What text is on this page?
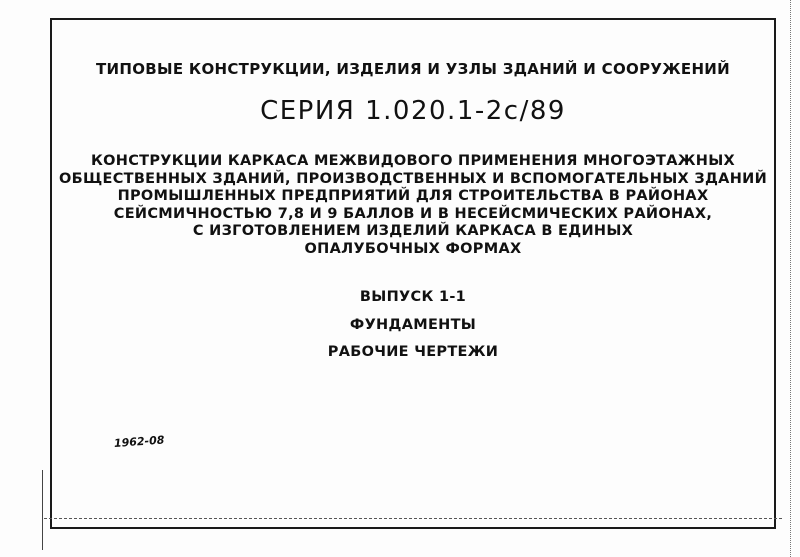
ТИПОВЫЕ КОНСТРУКЦИИ, ИЗДЕЛИЯ И УЗЛЫ ЗДАНИЙ И СООРУЖЕНИЙ
СЕРИЯ 1.020.1-2с/89
КОНСТРУКЦИИ КАРКАСА МЕЖВИДОВОГО ПРИМЕНЕНИЯ МНОГОЭТАЖНЫХ
ОБЩЕСТВЕННЫХ ЗДАНИЙ, ПРОИЗВОДСТВЕННЫХ И ВСПОМОГАТЕЛЬНЫХ ЗДАНИЙ
ПРОМЫШЛЕННЫХ ПРЕДПРИЯТИЙ ДЛЯ СТРОИТЕЛЬСТВА В РАЙОНАХ
СЕЙСМИЧНОСТЬЮ 7,8 И 9 БАЛЛОВ И В НЕСЕЙСМИЧЕСКИХ РАЙОНАХ,
С ИЗГОТОВЛЕНИЕМ ИЗДЕЛИЙ КАРКАСА В ЕДИНЫХ
ОПАЛУБОЧНЫХ ФОРМАХ
ВЫПУСК 1-1
ФУНДАМЕНТЫ
РАБОЧИЕ ЧЕРТЕЖИ
1962-08
